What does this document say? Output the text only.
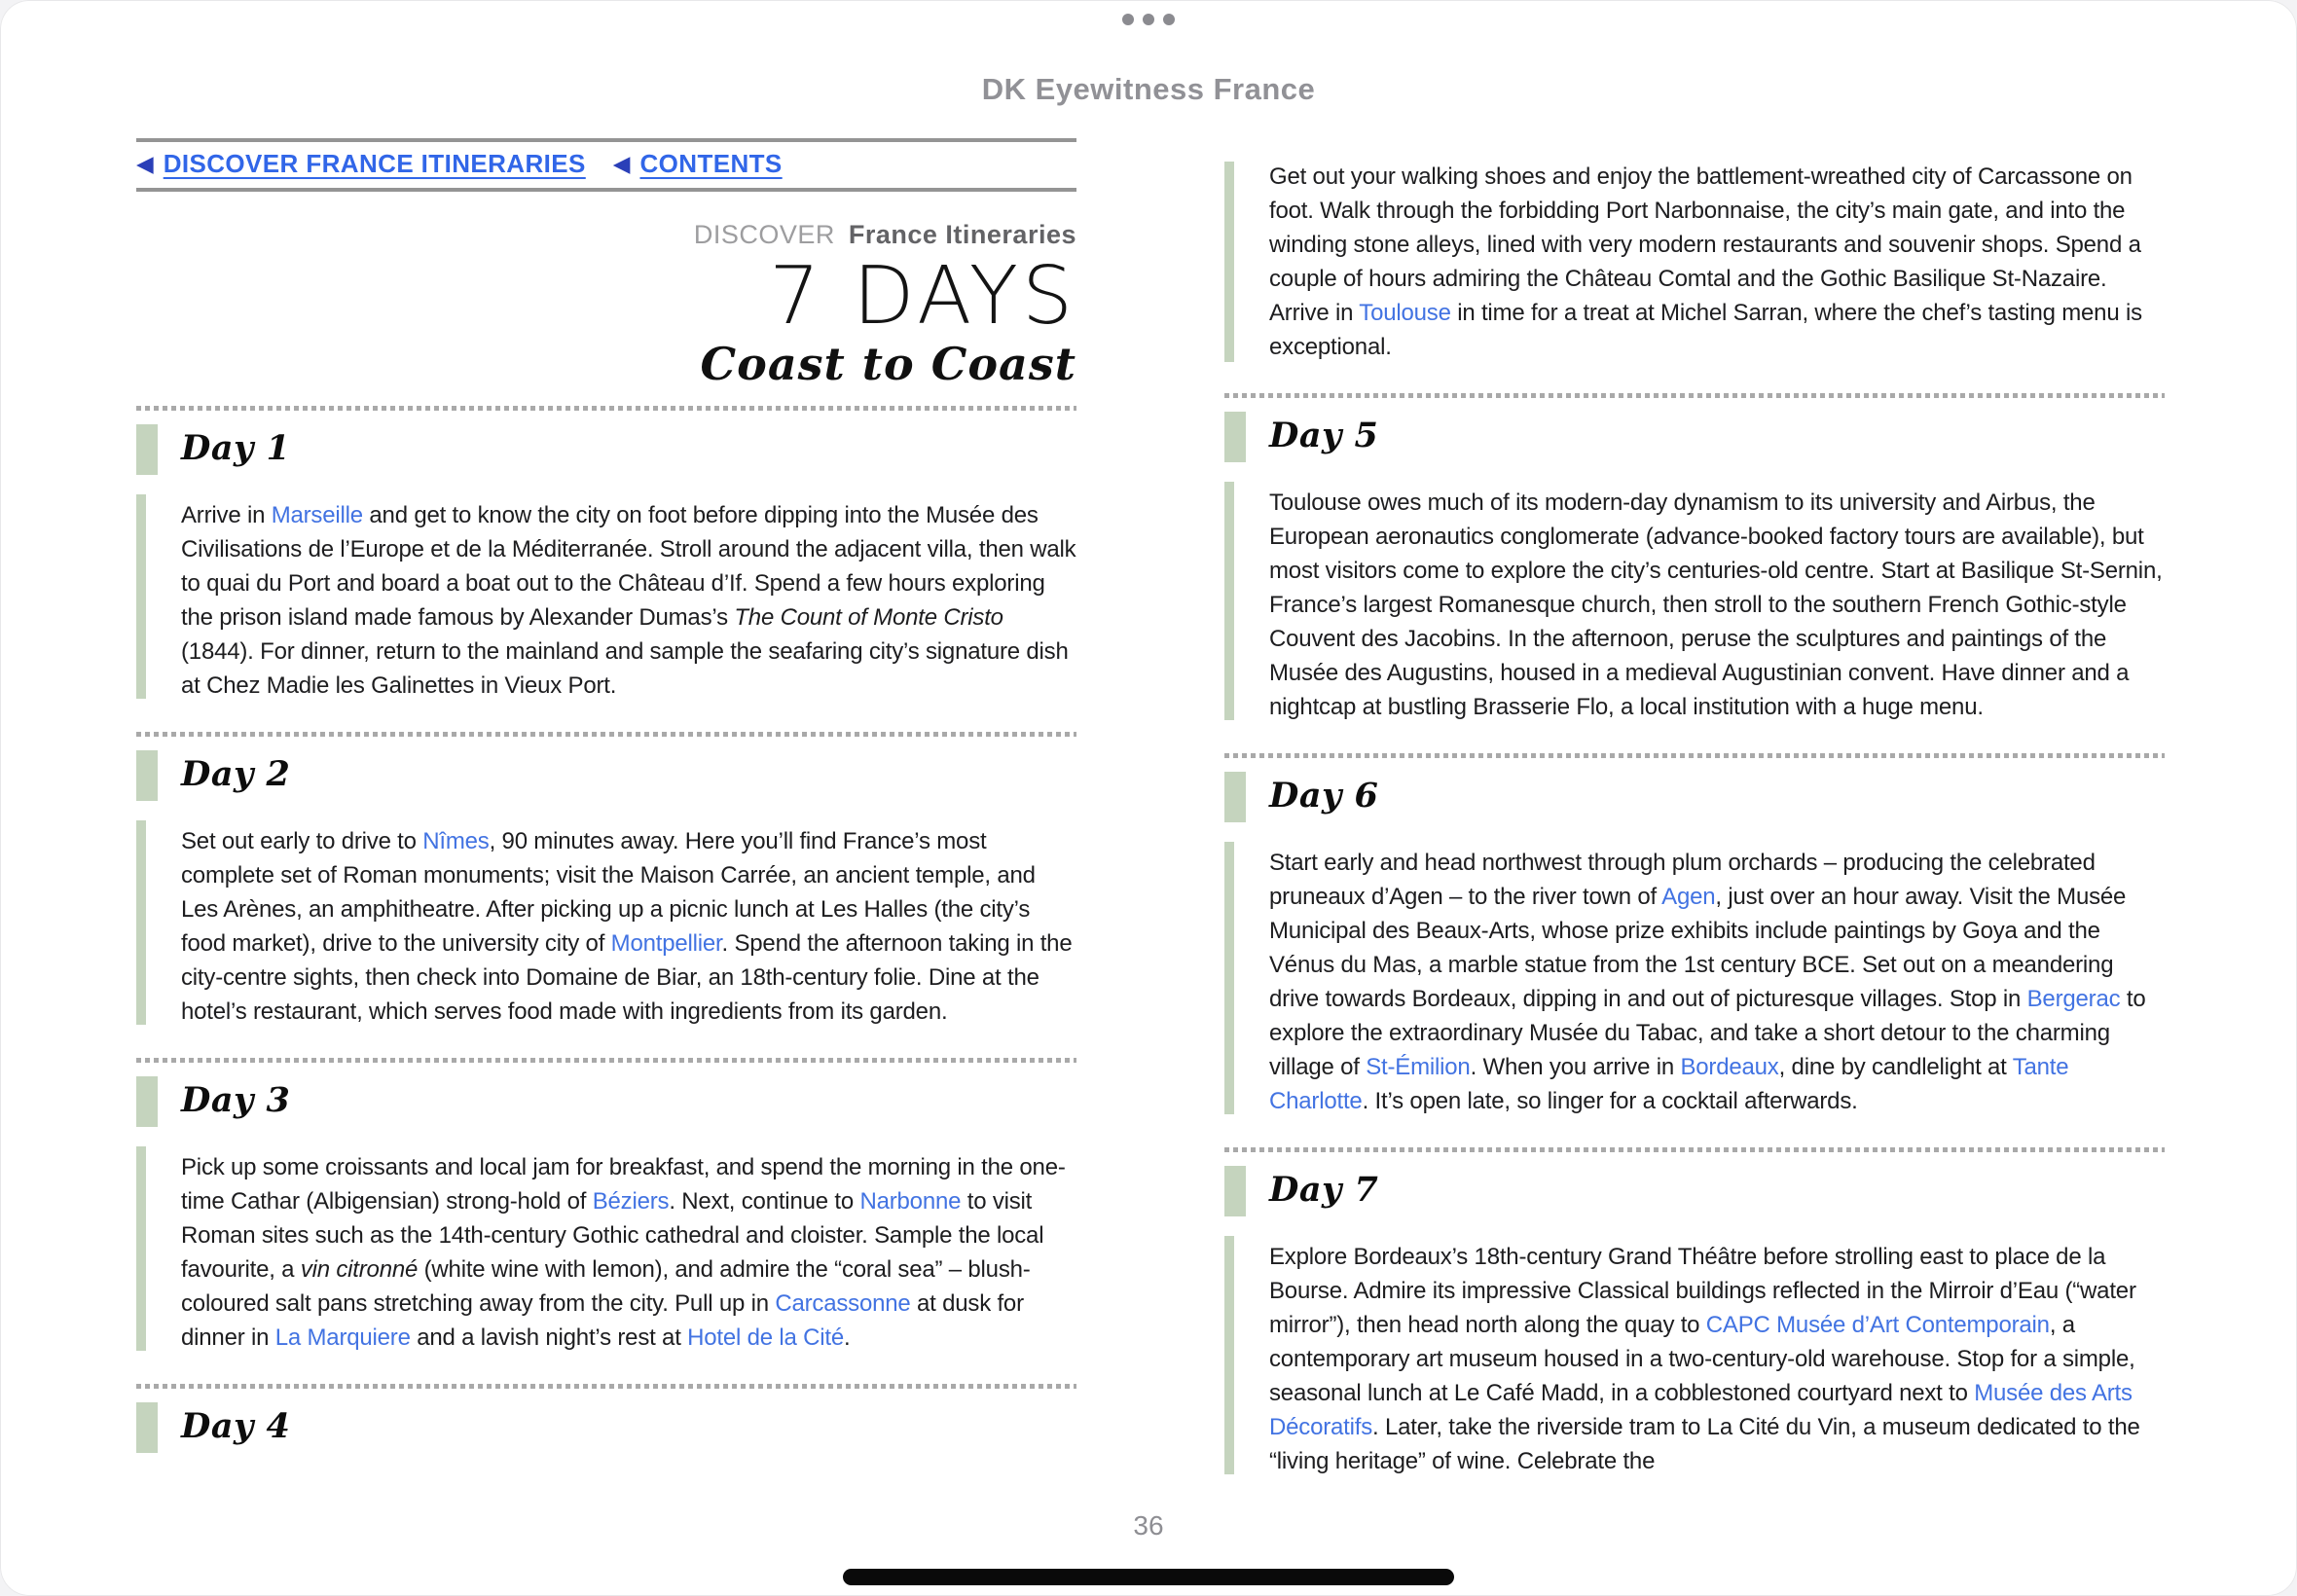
DK Eyewitness France
◀ DISCOVER FRANCE ITINERARIES ◀ CONTENTS
DISCOVER France Itineraries
7 DAYS
Coast to Coast
Day 1

Arrive in Marseille and get to know the city on foot before dipping into the Musée des Civilisations de l’Europe et de la Méditerranée. Stroll around the adjacent villa, then walk to quai du Port and board a boat out to the Château d’If. Spend a few hours exploring the prison island made famous by Alexander Dumas’s The Count of Monte Cristo (1844). For dinner, return to the mainland and sample the seafaring city’s signature dish at Chez Madie les Galinettes in Vieux Port.

Day 2

Set out early to drive to Nîmes, 90 minutes away. Here you’ll find France’s most complete set of Roman monuments; visit the Maison Carrée, an ancient temple, and Les Arènes, an amphitheatre. After picking up a picnic lunch at Les Halles (the city’s food market), drive to the university city of Montpellier. Spend the afternoon taking in the city-centre sights, then check into Domaine de Biar, an 18th-century folie. Dine at the hotel’s restaurant, which serves food made with ingredients from its garden.

Day 3

Pick up some croissants and local jam for breakfast, and spend the morning in the one-time Cathar (Albigensian) strong-hold of Béziers. Next, continue to Narbonne to visit Roman sites such as the 14th-century Gothic cathedral and cloister. Sample the local favourite, a vin citronné (white wine with lemon), and admire the “coral sea” – blush-coloured salt pans stretching away from the city. Pull up in Carcassonne at dusk for dinner in La Marquiere and a lavish night’s rest at Hotel de la Cité.

Day 4

Get out your walking shoes and enjoy the battlement-wreathed city of Carcassone on foot. Walk through the forbidding Port Narbonnaise, the city’s main gate, and into the winding stone alleys, lined with very modern restaurants and souvenir shops. Spend a couple of hours admiring the Château Comtal and the Gothic Basilique St-Nazaire. Arrive in Toulouse in time for a treat at Michel Sarran, where the chef’s tasting menu is exceptional.

Day 5

Toulouse owes much of its modern-day dynamism to its university and Airbus, the European aeronautics conglomerate (advance-booked factory tours are available), but most visitors come to explore the city’s centuries-old centre. Start at Basilique St-Sernin, France’s largest Romanesque church, then stroll to the southern French Gothic-style Couvent des Jacobins. In the afternoon, peruse the sculptures and paintings of the Musée des Augustins, housed in a medieval Augustinian convent. Have dinner and a nightcap at bustling Brasserie Flo, a local institution with a huge menu.

Day 6

Start early and head northwest through plum orchards – producing the celebrated pruneaux d’Agen – to the river town of Agen, just over an hour away. Visit the Musée Municipal des Beaux-Arts, whose prize exhibits include paintings by Goya and the Vénus du Mas, a marble statue from the 1st century BCE. Set out on a meandering drive towards Bordeaux, dipping in and out of picturesque villages. Stop in Bergerac to explore the extraordinary Musée du Tabac, and take a short detour to the charming village of St-Émilion. When you arrive in Bordeaux, dine by candlelight at Tante Charlotte. It’s open late, so linger for a cocktail afterwards.

Day 7

Explore Bordeaux’s 18th-century Grand Théâtre before strolling east to place de la Bourse. Admire its impressive Classical buildings reflected in the Mirroir d’Eau (“water mirror”), then head north along the quay to CAPC Musée d’Art Contemporain, a contemporary art museum housed in a two-century-old warehouse. Stop for a simple, seasonal lunch at Le Café Madd, in a cobblestoned courtyard next to Musée des Arts Décoratifs. Later, take the riverside tram to La Cité du Vin, a museum dedicated to the “living heritage” of wine. Celebrate the

36
